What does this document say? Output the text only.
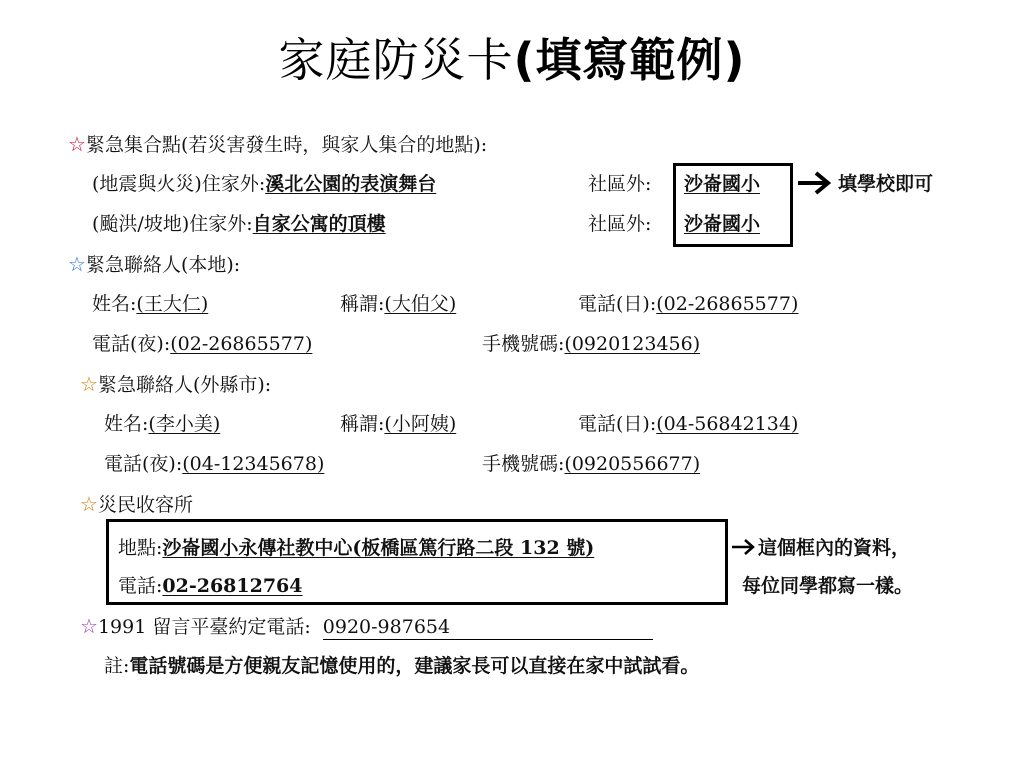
家庭防災卡(填寫範例)
☆緊急集合點(若災害發生時，與家人集合的地點):
(地震與火災)住家外:溪北公園的表演舞台	社區外: 沙崙國小
(颱洪/坡地)住家外:自家公寓的頂樓	社區外: 沙崙國小
填學校即可
☆緊急聯絡人(本地):
姓名:(王大仁)	稱謂:(大伯父)	電話(日):(02-26865577)
電話(夜):(02-26865577)	手機號碼:(0920123456)
☆緊急聯絡人(外縣市):
姓名:(李小美)	稱謂:(小阿姨)	電話(日):(04-56842134)
電話(夜):(04-12345678)	手機號碼:(0920556677)
☆災民收容所
地點:沙崙國小永傳社教中心(板橋區篤行路二段 132 號)
電話:02-26812764
這個框內的資料，
每位同學都寫一樣。
☆1991 留言平臺約定電話: 0920-987654
註:電話號碼是方便親友記憶使用的，建議家長可以直接在家中試試看。
